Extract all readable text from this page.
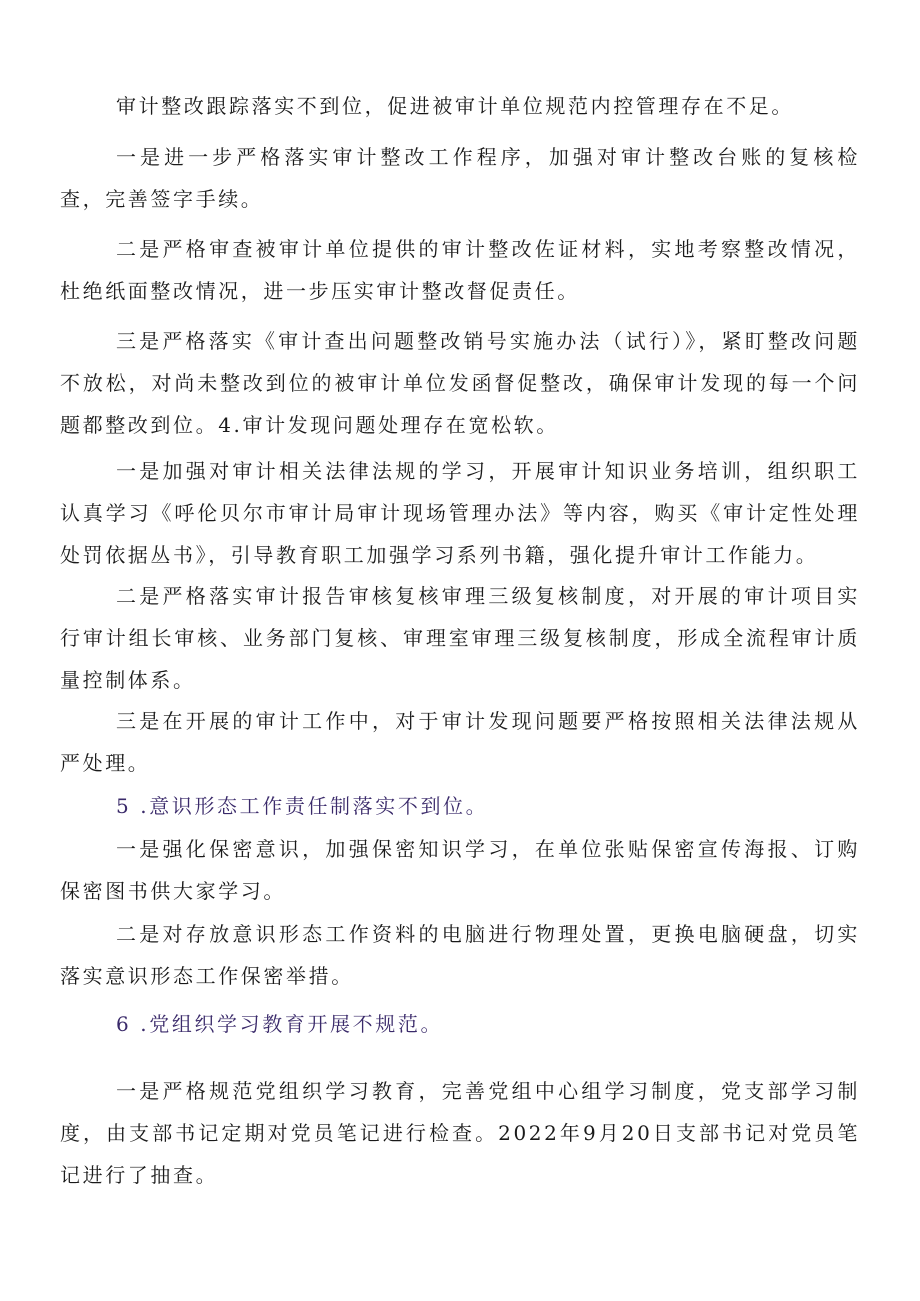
审计整改跟踪落实不到位，促进被审计单位规范内控管理存在不足。

一是进一步严格落实审计整改工作程序，加强对审计整改台账的复核检查，完善签字手续。

二是严格审查被审计单位提供的审计整改佐证材料，实地考察整改情况，杜绝纸面整改情况，进一步压实审计整改督促责任。

三是严格落实《审计查出问题整改销号实施办法（试行）》，紧盯整改问题不放松，对尚未整改到位的被审计单位发函督促整改，确保审计发现的每一个问题都整改到位。4.审计发现问题处理存在宽松软。

一是加强对审计相关法律法规的学习，开展审计知识业务培训，组织职工认真学习《呼伦贝尔市审计局审计现场管理办法》等内容，购买《审计定性处理处罚依据丛书》，引导教育职工加强学习系列书籍，强化提升审计工作能力。

二是严格落实审计报告审核复核审理三级复核制度，对开展的审计项目实行审计组长审核、业务部门复核、审理室审理三级复核制度，形成全流程审计质量控制体系。

三是在开展的审计工作中，对于审计发现问题要严格按照相关法律法规从严处理。

5 .意识形态工作责任制落实不到位。

一是强化保密意识，加强保密知识学习，在单位张贴保密宣传海报、订购保密图书供大家学习。

二是对存放意识形态工作资料的电脑进行物理处置，更换电脑硬盘，切实落实意识形态工作保密举措。

6 .党组织学习教育开展不规范。

一是严格规范党组织学习教育，完善党组中心组学习制度，党支部学习制度，由支部书记定期对党员笔记进行检查。2022年9月20日支部书记对党员笔记进行了抽查。
